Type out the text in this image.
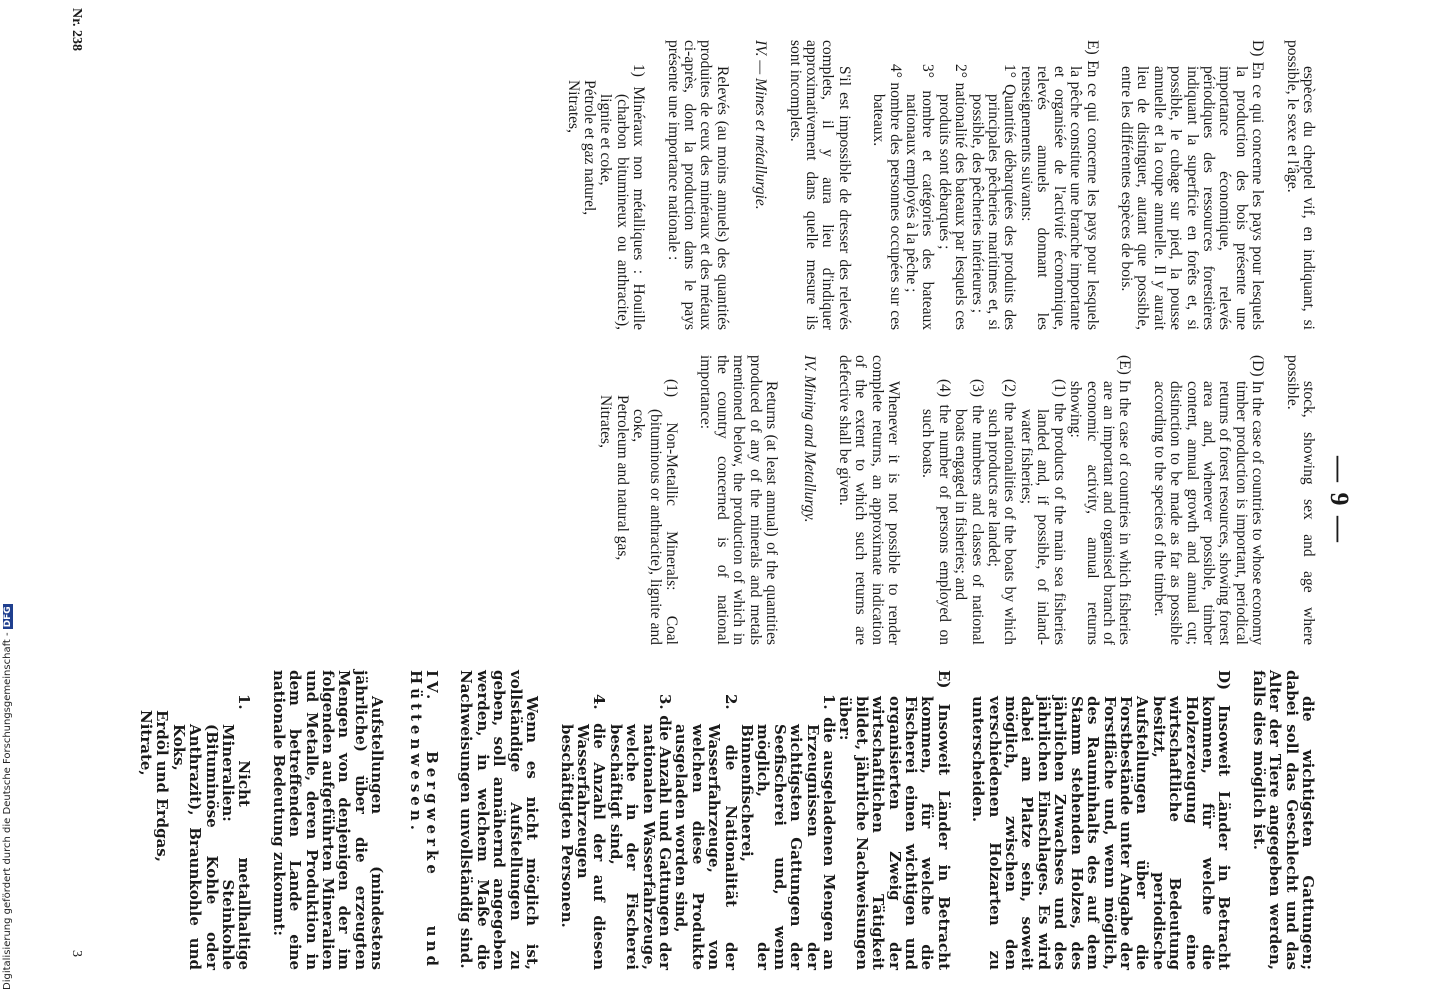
— 9 —

espèces du cheptel vif, en indiquant, si possible, le sexe et l'âge.

D) En ce qui concerne les pays pour lesquels la production des bois présente une importance économique, relevés périodiques des ressources forestières indiquant la superficie en forêts et, si possible, le cubage sur pied, la pousse annuelle et la coupe annuelle. Il y aurait lieu de distinguer, autant que possible, entre les différentes espèces de bois.

E) En ce qui concerne les pays pour lesquels la pêche constitue une branche importante et organisée de l'activité économique, relevés annuels donnant les renseignements suivants:

1° Quantités débarquées des produits des principales pêcheries maritimes et, si possible, des pêcheries intérieures ;

2° nationalité des bateaux par lesquels ces produits sont débarqués ;

3° nombre et catégories des bateaux nationaux employés à la pêche ;

4° nombre des personnes occupées sur ces bateaux.

S'il est impossible de dresser des relevés complets, il y aura lieu d'indiquer approximativement dans quelle mesure ils sont incomplets.

IV. — Mines et métallurgie.

Relevés (au moins annuels) des quantités produites de ceux des minéraux et des métaux ci-après, dont la production dans le pays présente une importance nationale :

1) Minéraux non métalliques : Houille (charbon bitumineux ou anthracite), lignite et coke,

Pétrole et gaz naturel,

Nitrates,

stock, showing sex and age where possible.

(D) In the case of countries to whose economy timber production is important, periodical returns of forest resources, showing forest area and, whenever possible, timber content, annual growth and annual cut; distinction to be made as far as possible according to the species of the timber.

(E) In the case of countries in which fisheries are an important and organised branch of economic activity, annual returns showing:

(1) the products of the main sea fisheries landed and, if possible, of inland-water fisheries;

(2) the nationalities of the boats by which such products are landed;

(3) the numbers and classes of national boats engaged in fisheries; and

(4) the number of persons employed on such boats.

Whenever it is not possible to render complete returns, an approximate indication of the extent to which such returns are defective shall be given.

IV. Mining and Metallurgy.

Returns (at least annual) of the quantities produced of any of the minerals and metals mentioned below, the production of which in the country concerned is of national importance:

(1) Non-Metallic Minerals: Coal (bituminous or anthracite), lignite and coke,

Petroleum and natural gas,

Nitrates,

die wichtigsten Gattungen; dabei soll das Geschlecht und das Alter der Tiere angegeben werden, falls dies möglich ist.

D) Insoweit Länder in Betracht kommen, für welche die Holzerzeugung eine wirtschaftliche Bedeutung besitzt, periodische Aufstellungen über die Forstbestände unter Angabe der Forstfläche und, wenn möglich, des Rauminhalts des auf dem Stamm stehenden Holzes, des jährlichen Zuwachses und des jährlichen Einschlages. Es wird dabei am Platze sein, soweit möglich, zwischen den verschiedenen Holzarten zu unterscheiden.

E) Insoweit Länder in Betracht kommen, für welche die Fischerei einen wichtigen und organisierten Zweig der wirtschaftlichen Tätigkeit bildet, jährliche Nachweisungen über:

1. die ausgeladenen Mengen an Erzeugnissen der wichtigsten Gattungen der Seefischerei und, wenn möglich, der Binnenfischerei,

2. die Nationalität der Wasserfahrzeuge, von welchen diese Produkte ausgeladen worden sind,

3. die Anzahl und Gattungen der nationalen Wasserfahrzeuge, welche in der Fischerei beschäftigt sind,

4. die Anzahl der auf diesen Wasserfahrzeugen beschäftigten Personen.

Wenn es nicht möglich ist, vollständige Aufstellungen zu geben, soll annähernd angegeben werden, in welchem Maße die Nachweisungen unvollständig sind.

IV. Bergwerke und Hüttenwesen.

Aufstellungen (mindestens jährliche) über die erzeugten Mengen von denjenigen der im folgenden aufgeführten Mineralien und Metalle, deren Produktion in dem betreffenden Lande eine nationale Bedeutung zukommt:

1. Nicht metallhaltige Mineralien: Steinkohle (Bituminöse Kohle oder Anthrazit), Braunkohle und Koks,

Erdöl und Erdgas,

Nitrate,

Nr. 238
3
Digitalisierung gefördert durch die Deutsche Forschungsgemeinschaft -DFG
